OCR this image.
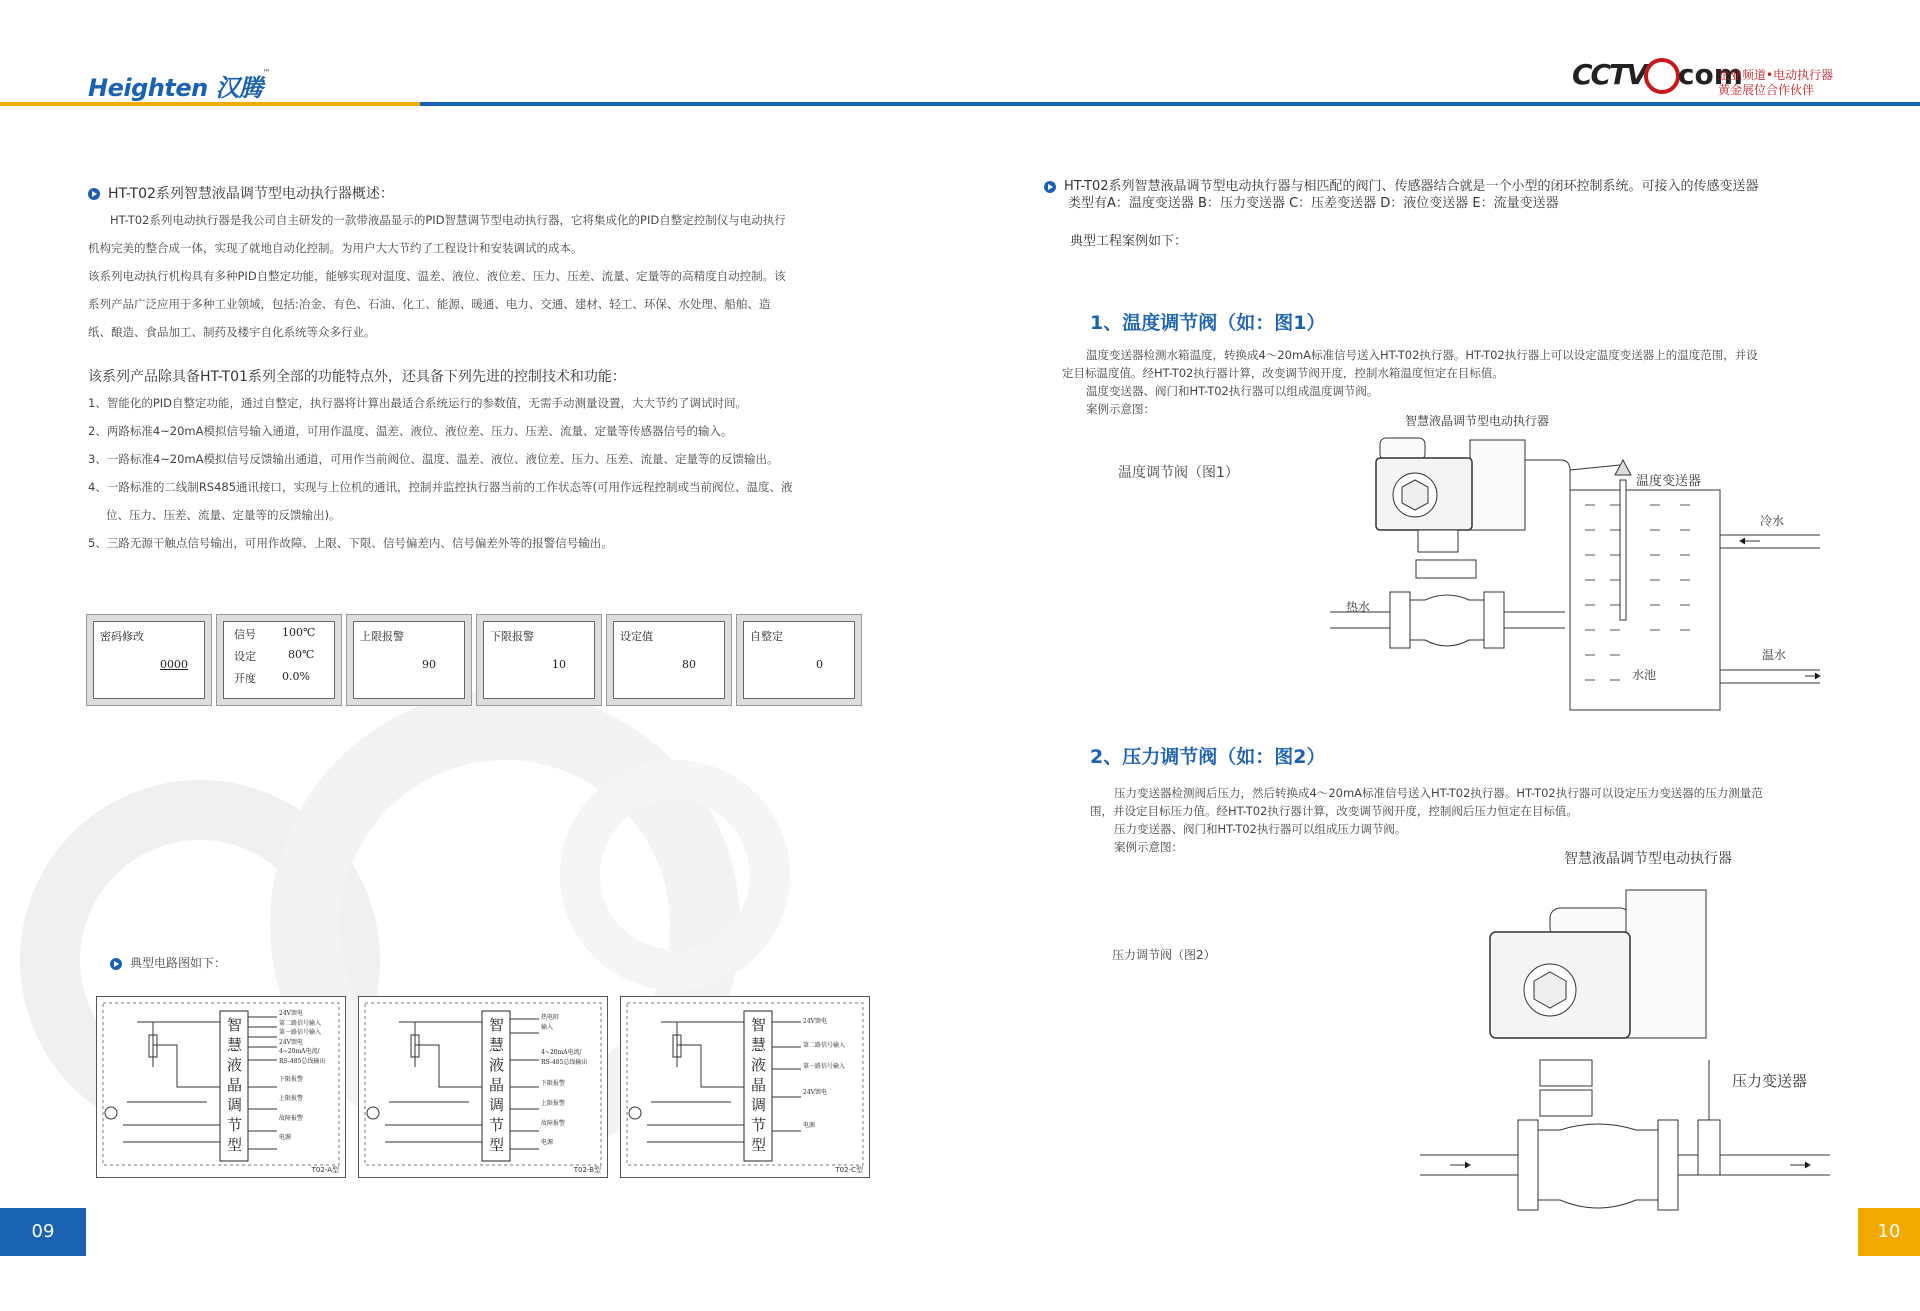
Heighten 汉腾™	CCTV com
企业频道•电动执行器
黄金展位合作伙伴
HT-T02系列智慧液晶调节型电动执行器概述：

HT-T02系列电动执行器是我公司自主研发的一款带液晶显示的PID智慧调节型电动执行器，它将集成化的PID自整定控制仪与电动执行

机构完美的整合成一体，实现了就地自动化控制。为用户大大节约了工程设计和安装调试的成本。

该系列电动执行机构具有多种PID自整定功能，能够实现对温度、温差、液位、液位差、压力、压差、流量、定量等的高精度自动控制。该

系列产品广泛应用于多种工业领域，包括:冶金、有色、石油、化工、能源、暖通、电力、交通、建材、轻工、环保、水处理、船舶、造

纸、酿造、食品加工、制药及楼宇自化系统等众多行业。

该系列产品除具备HT-T01系列全部的功能特点外，还具备下列先进的控制技术和功能：
1、智能化的PID自整定功能，通过自整定，执行器将计算出最适合系统运行的参数值，无需手动测量设置，大大节约了调试时间。
2、两路标准4~20mA模拟信号输入通道，可用作温度、温差、液位、液位差、压力、压差、流量、定量等传感器信号的输入。
3、一路标准4~20mA模拟信号反馈输出通道，可用作当前阀位、温度、温差、液位、液位差、压力、压差、流量、定量等的反馈输出。
4、一路标准的二线制RS485通讯接口，实现与上位机的通讯，控制并监控执行器当前的工作状态等(可用作远程控制或当前阀位、温度、液
位、压力、压差、流量、定量等的反馈输出)。
5、三路无源干触点信号输出，可用作故障、上限、下限、信号偏差内、信号偏差外等的报警信号输出。
密码修改
0000
信号 100℃
设定	80℃
开度 0.0%
上限报警
90
下限报警
10
设定值
80
自整定
0
典型电路图如下：
智慧液晶调节型
24V馈电
第二路信号输入
第一路信号输入
24V馈电
4~20mA电流/
RS-485总线输出
下限报警
上限报警
故障报警
电源
T02-A型
智慧液晶调节型
热电阻
输入
4~20mA电流/
RS-485总线输出
下限报警
上限报警
故障报警
电源
T02-B型
智慧液晶调节型
24V馈电
第二路信号输入
第一路信号输入
24V馈电
电源
T02-C型
09
HT-T02系列智慧液晶调节型电动执行器与相匹配的阀门、传感器结合就是一个小型的闭环控制系统。可接入的传感变送器
类型有A：温度变送器 B：压力变送器 C：压差变送器 D：液位变送器 E：流量变送器
典型工程案例如下：
1、温度调节阀（如：图1）
温度变送器检测水箱温度，转换成4～20mA标准信号送入HT-T02执行器。HT-T02执行器上可以设定温度变送器上的温度范围，并设
定目标温度值。经HT-T02执行器计算，改变调节阀开度，控制水箱温度恒定在目标值。
温度变送器、阀门和HT-T02执行器可以组成温度调节阀。
案例示意图：
温度调节阀（图1）
智慧液晶调节型电动执行器
温度变送器
冷水
热水
温水
水池
2、压力调节阀（如：图2）
压力变送器检测阀后压力，然后转换成4～20mA标准信号送入HT-T02执行器。HT-T02执行器可以设定压力变送器的压力测量范
围，并设定目标压力值。经HT-T02执行器计算，改变调节阀开度，控制阀后压力恒定在目标值。
压力变送器、阀门和HT-T02执行器可以组成压力调节阀。
案例示意图：
智慧液晶调节型电动执行器
压力调节阀（图2）
压力变送器
10
